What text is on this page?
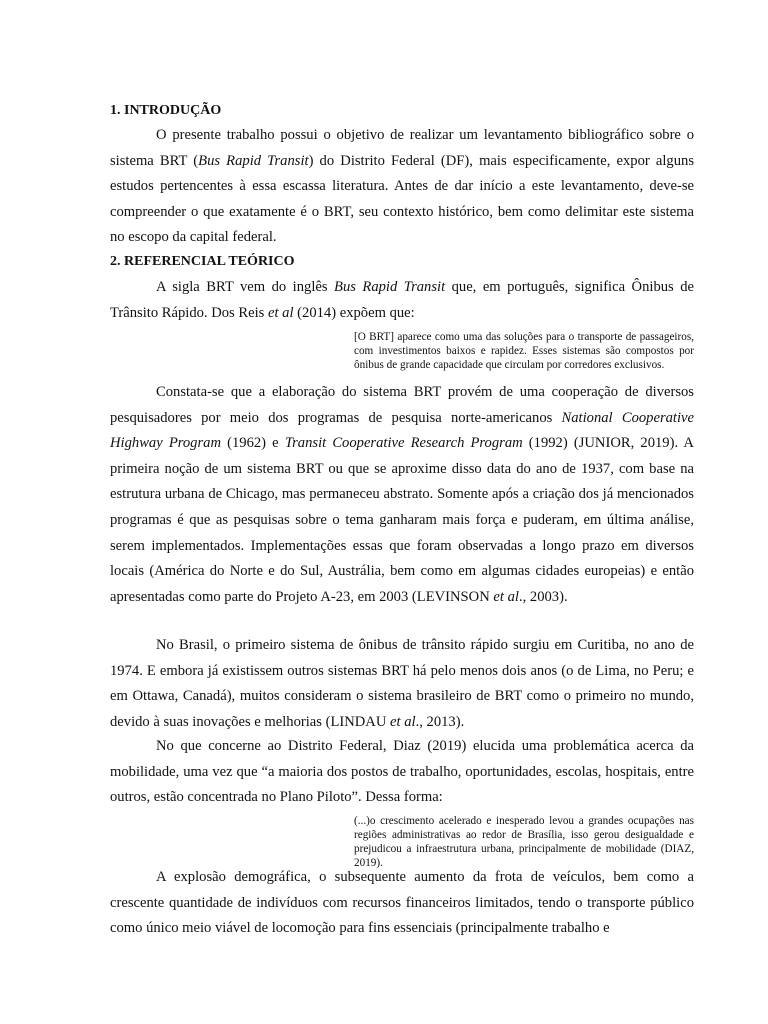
1. INTRODUÇÃO

O presente trabalho possui o objetivo de realizar um levantamento bibliográfico sobre o sistema BRT (Bus Rapid Transit) do Distrito Federal (DF), mais especificamente, expor alguns estudos pertencentes à essa escassa literatura. Antes de dar início a este levantamento, deve-se compreender o que exatamente é o BRT, seu contexto histórico, bem como delimitar este sistema no escopo da capital federal.

2. REFERENCIAL TEÓRICO

A sigla BRT vem do inglês Bus Rapid Transit que, em português, significa Ônibus de Trânsito Rápido. Dos Reis et al (2014) expõem que:

[O BRT] aparece como uma das soluções para o transporte de passageiros, com investimentos baixos e rapidez. Esses sistemas são compostos por ônibus de grande capacidade que circulam por corredores exclusivos.

Constata-se que a elaboração do sistema BRT provém de uma cooperação de diversos pesquisadores por meio dos programas de pesquisa norte-americanos National Cooperative Highway Program (1962) e Transit Cooperative Research Program (1992) (JUNIOR, 2019). A primeira noção de um sistema BRT ou que se aproxime disso data do ano de 1937, com base na estrutura urbana de Chicago, mas permaneceu abstrato. Somente após a criação dos já mencionados programas é que as pesquisas sobre o tema ganharam mais força e puderam, em última análise, serem implementados. Implementações essas que foram observadas a longo prazo em diversos locais (América do Norte e do Sul, Austrália, bem como em algumas cidades europeias) e então apresentadas como parte do Projeto A-23, em 2003 (LEVINSON et al., 2003).

No Brasil, o primeiro sistema de ônibus de trânsito rápido surgiu em Curitiba, no ano de 1974. E embora já existissem outros sistemas BRT há pelo menos dois anos (o de Lima, no Peru; e em Ottawa, Canadá), muitos consideram o sistema brasileiro de BRT como o primeiro no mundo, devido à suas inovações e melhorias (LINDAU et al., 2013).

No que concerne ao Distrito Federal, Diaz (2019) elucida uma problemática acerca da mobilidade, uma vez que “a maioria dos postos de trabalho, oportunidades, escolas, hospitais, entre outros, estão concentrada no Plano Piloto”. Dessa forma:

(...)o crescimento acelerado e inesperado levou a grandes ocupações nas regiões administrativas ao redor de Brasília, isso gerou desigualdade e prejudicou a infraestrutura urbana, principalmente de mobilidade (DIAZ, 2019).

A explosão demográfica, o subsequente aumento da frota de veículos, bem como a crescente quantidade de indivíduos com recursos financeiros limitados, tendo o transporte público como único meio viável de locomoção para fins essenciais (principalmente trabalho e
